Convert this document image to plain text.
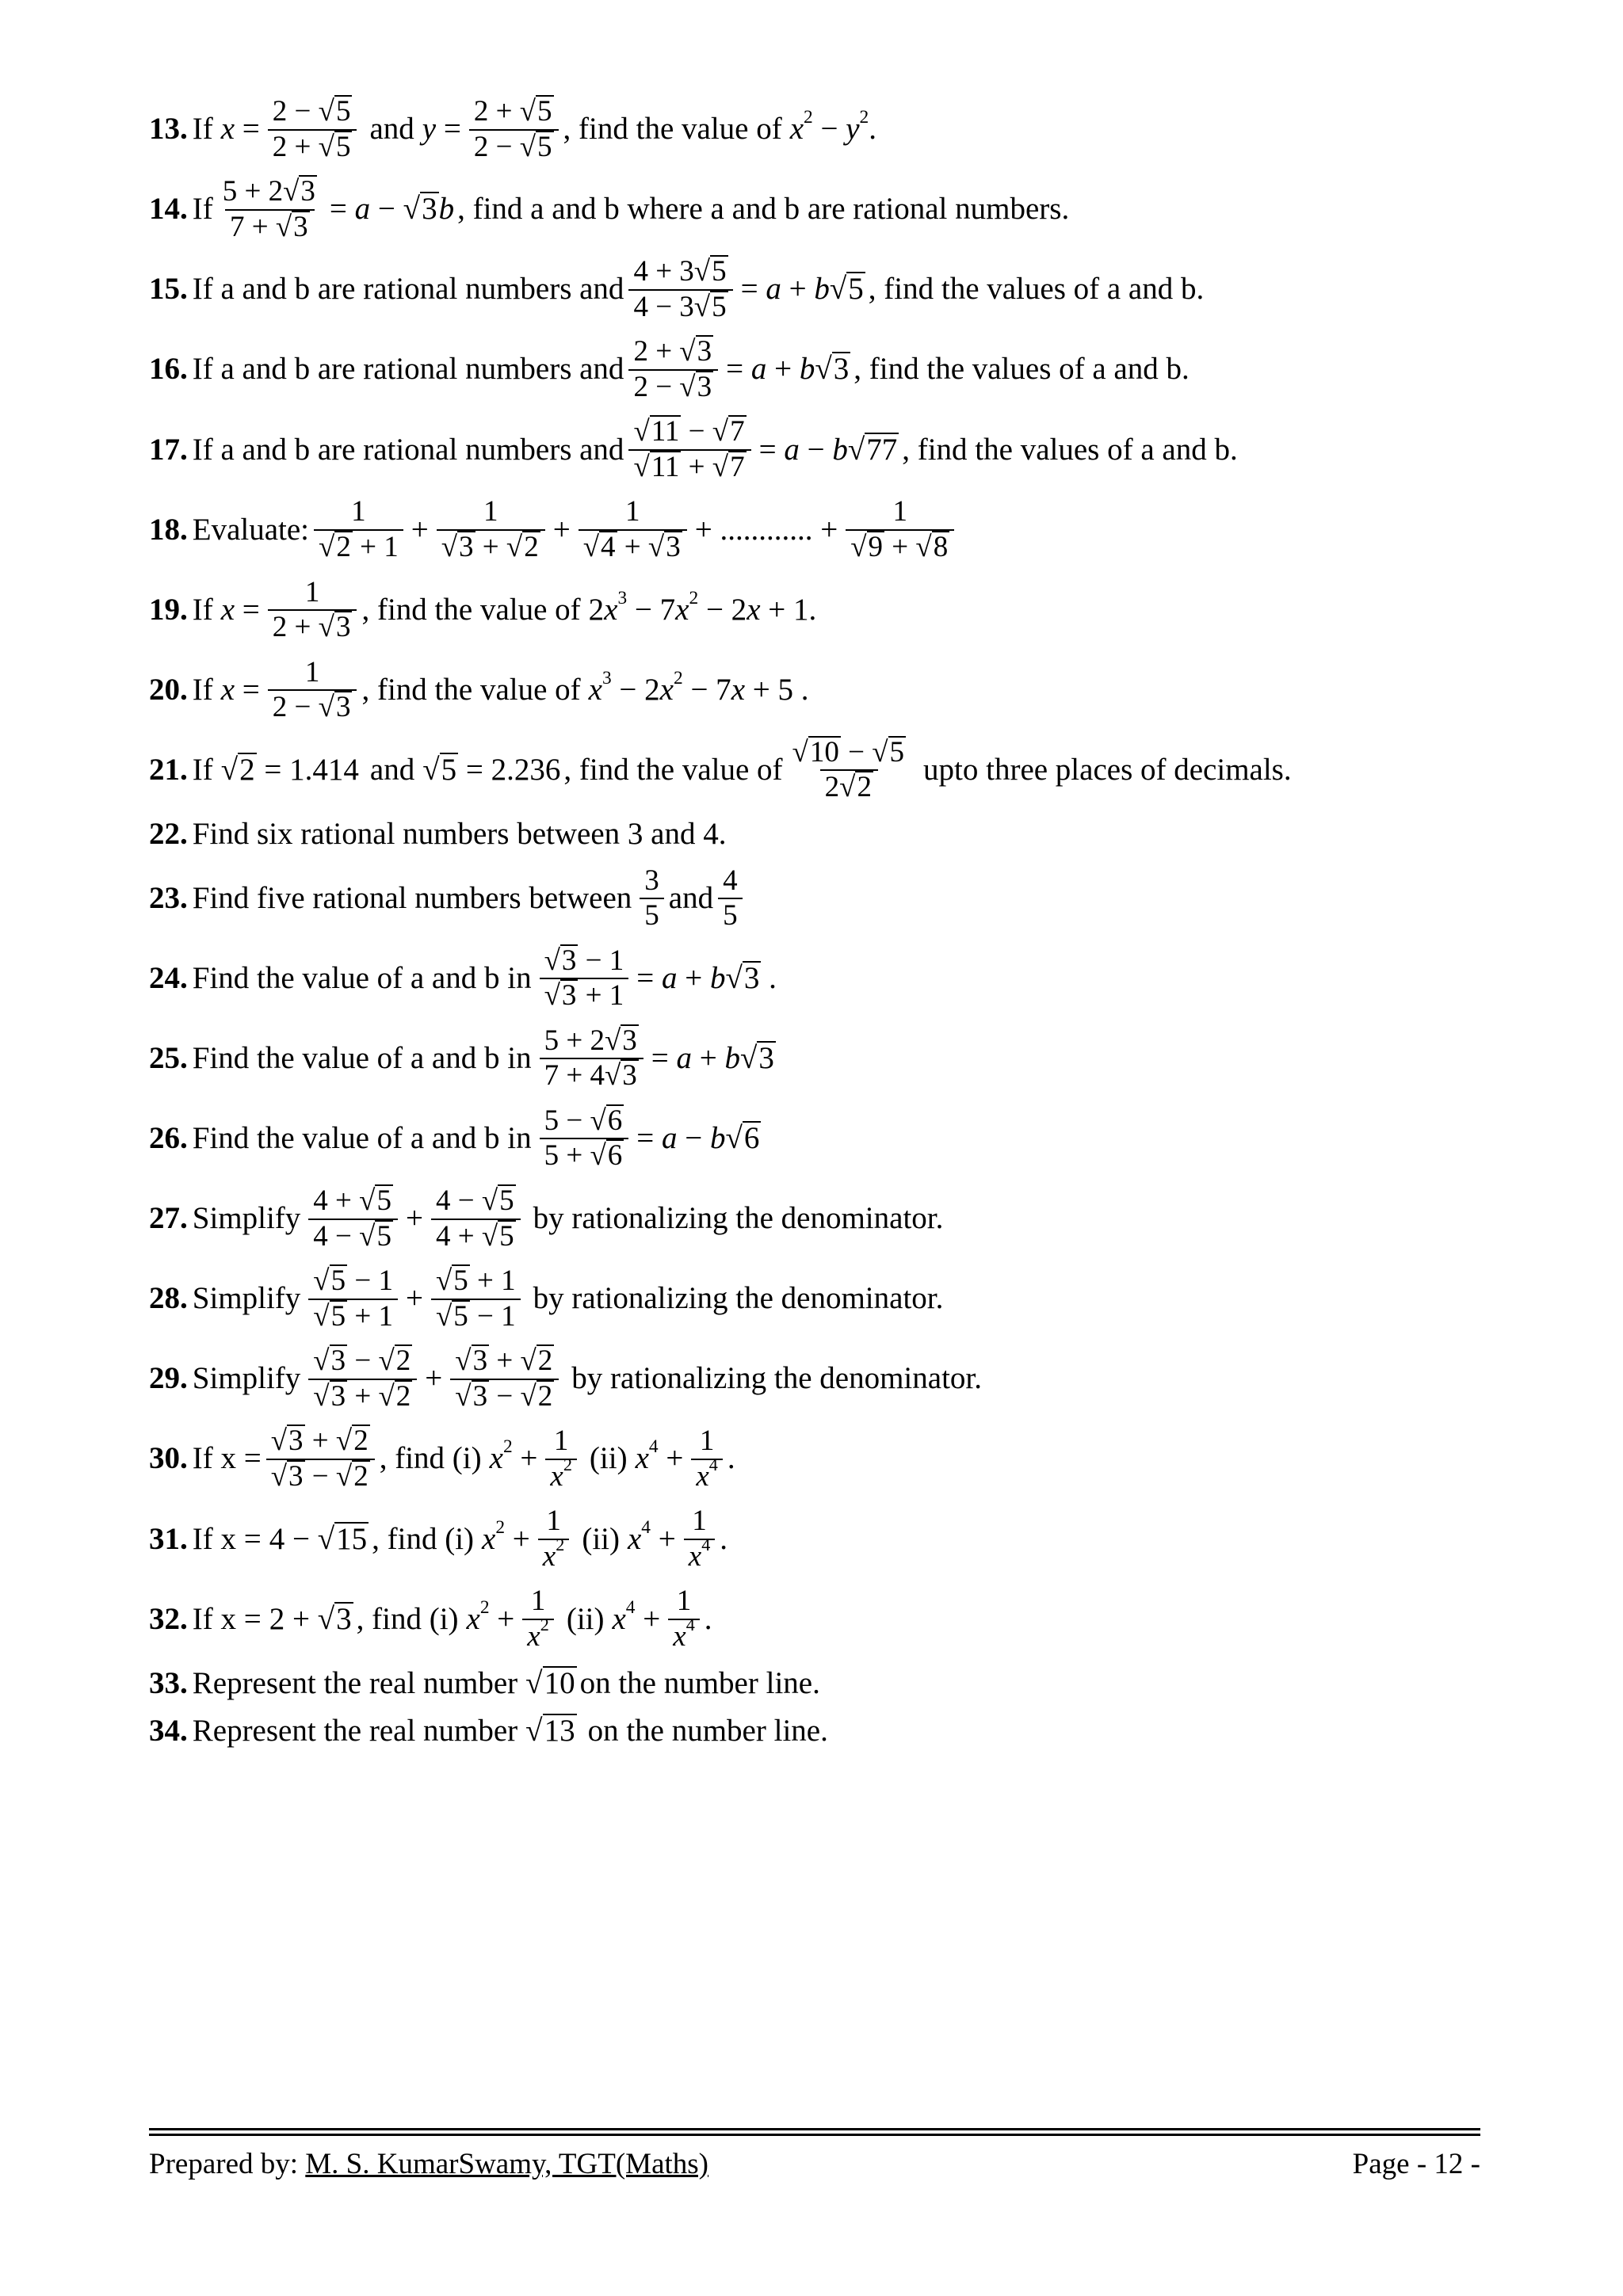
13. If $x = \frac{2 - √5}{2 + √5}$ and $y = \frac{2 + √5}{2 - √5}$ , find the value of $x^2 - y^2$.
14. If $\frac{5 + 2√3}{7 + √3} = a - √3b$ , find a and b where a and b are rational numbers.
15. If a and b are rational numbers and $\frac{4 + 3√5}{4 - 3√5} = a + b√5$ , find the values of a and b.
16. If a and b are rational numbers and $\frac{2 + √3}{2 - √3} = a + b√3$ , find the values of a and b.
17. If a and b are rational numbers and $\frac{√11 - √7}{√11 + √7} = a - b√77$ , find the values of a and b.
18. Evaluate: $\frac{1}{√2 + 1} + \frac{1}{√3 + √2} + \frac{1}{√4 + √3}$ + ............ + $\frac{1}{√9 + √8}$
19. If $x = \frac{1}{2 + √3}$ , find the value of $2x^3 - 7x^2 - 2x + 1$.
20. If $x = \frac{1}{2 - √3}$ , find the value of $x^3 - 2x^2 - 7x + 5$ .
21. If √2 = 1.414 and √5 = 2.236 , find the value of $\frac{√10 - √5}{2√2}$ upto three places of decimals.
22. Find six rational numbers between 3 and 4.
23. Find five rational numbers between $\frac{3}{5}$ and $\frac{4}{5}$
24. Find the value of a and b in $\frac{√3 - 1}{√3 + 1} = a + b√3$ .
25. Find the value of a and b in $\frac{5 + 2√3}{7 + 4√3} = a + b√3$
26. Find the value of a and b in $\frac{5 - √6}{5 + √6} = a - b√6$
27. Simplify $\frac{4 + √5}{4 - √5} + \frac{4 - √5}{4 + √5}$ by rationalizing the denominator.
28. Simplify $\frac{√5 - 1}{√5 + 1} + \frac{√5 + 1}{√5 - 1}$ by rationalizing the denominator.
29. Simplify $\frac{√3 - √2}{√3 + √2} + \frac{√3 + √2}{√3 - √2}$ by rationalizing the denominator.
30. If $x = \frac{√3 + √2}{√3 - √2}$ , find (i) $x^2 + \frac{1}{x^2} (ii) x^4 + \frac{1}{x^4}$ .
31. If x = 4 − √15 , find (i) $x^2 + \frac{1}{x^2} (ii) x^4 + \frac{1}{x^4}$ .
32. If x = 2 + √3 , find (i) $x^2 + \frac{1}{x^2} (ii) x^4 + \frac{1}{x^4}$ .
33. Represent the real number √10 on the number line.
34. Represent the real number √13 on the number line.
Prepared by: M. S. KumarSwamy, TGT(Maths)	Page - 12 -
